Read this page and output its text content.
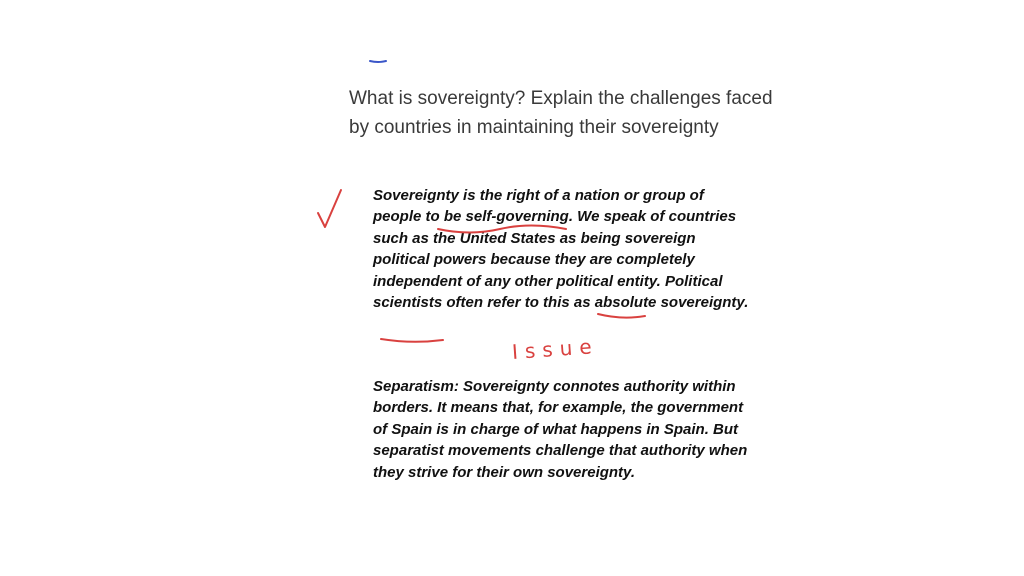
What is sovereignty? Explain the challenges faced by countries in maintaining their sovereignty

Sovereignty is the right of a nation or group of people to be self-governing. We speak of countries such as the United States as being sovereign political powers because they are completely independent of any other political entity. Political scientists often refer to this as absolute sovereignty.

Issue

Separatism: Sovereignty connotes authority within borders. It means that, for example, the government of Spain is in charge of what happens in Spain. But separatist movements challenge that authority when they strive for their own sovereignty.
